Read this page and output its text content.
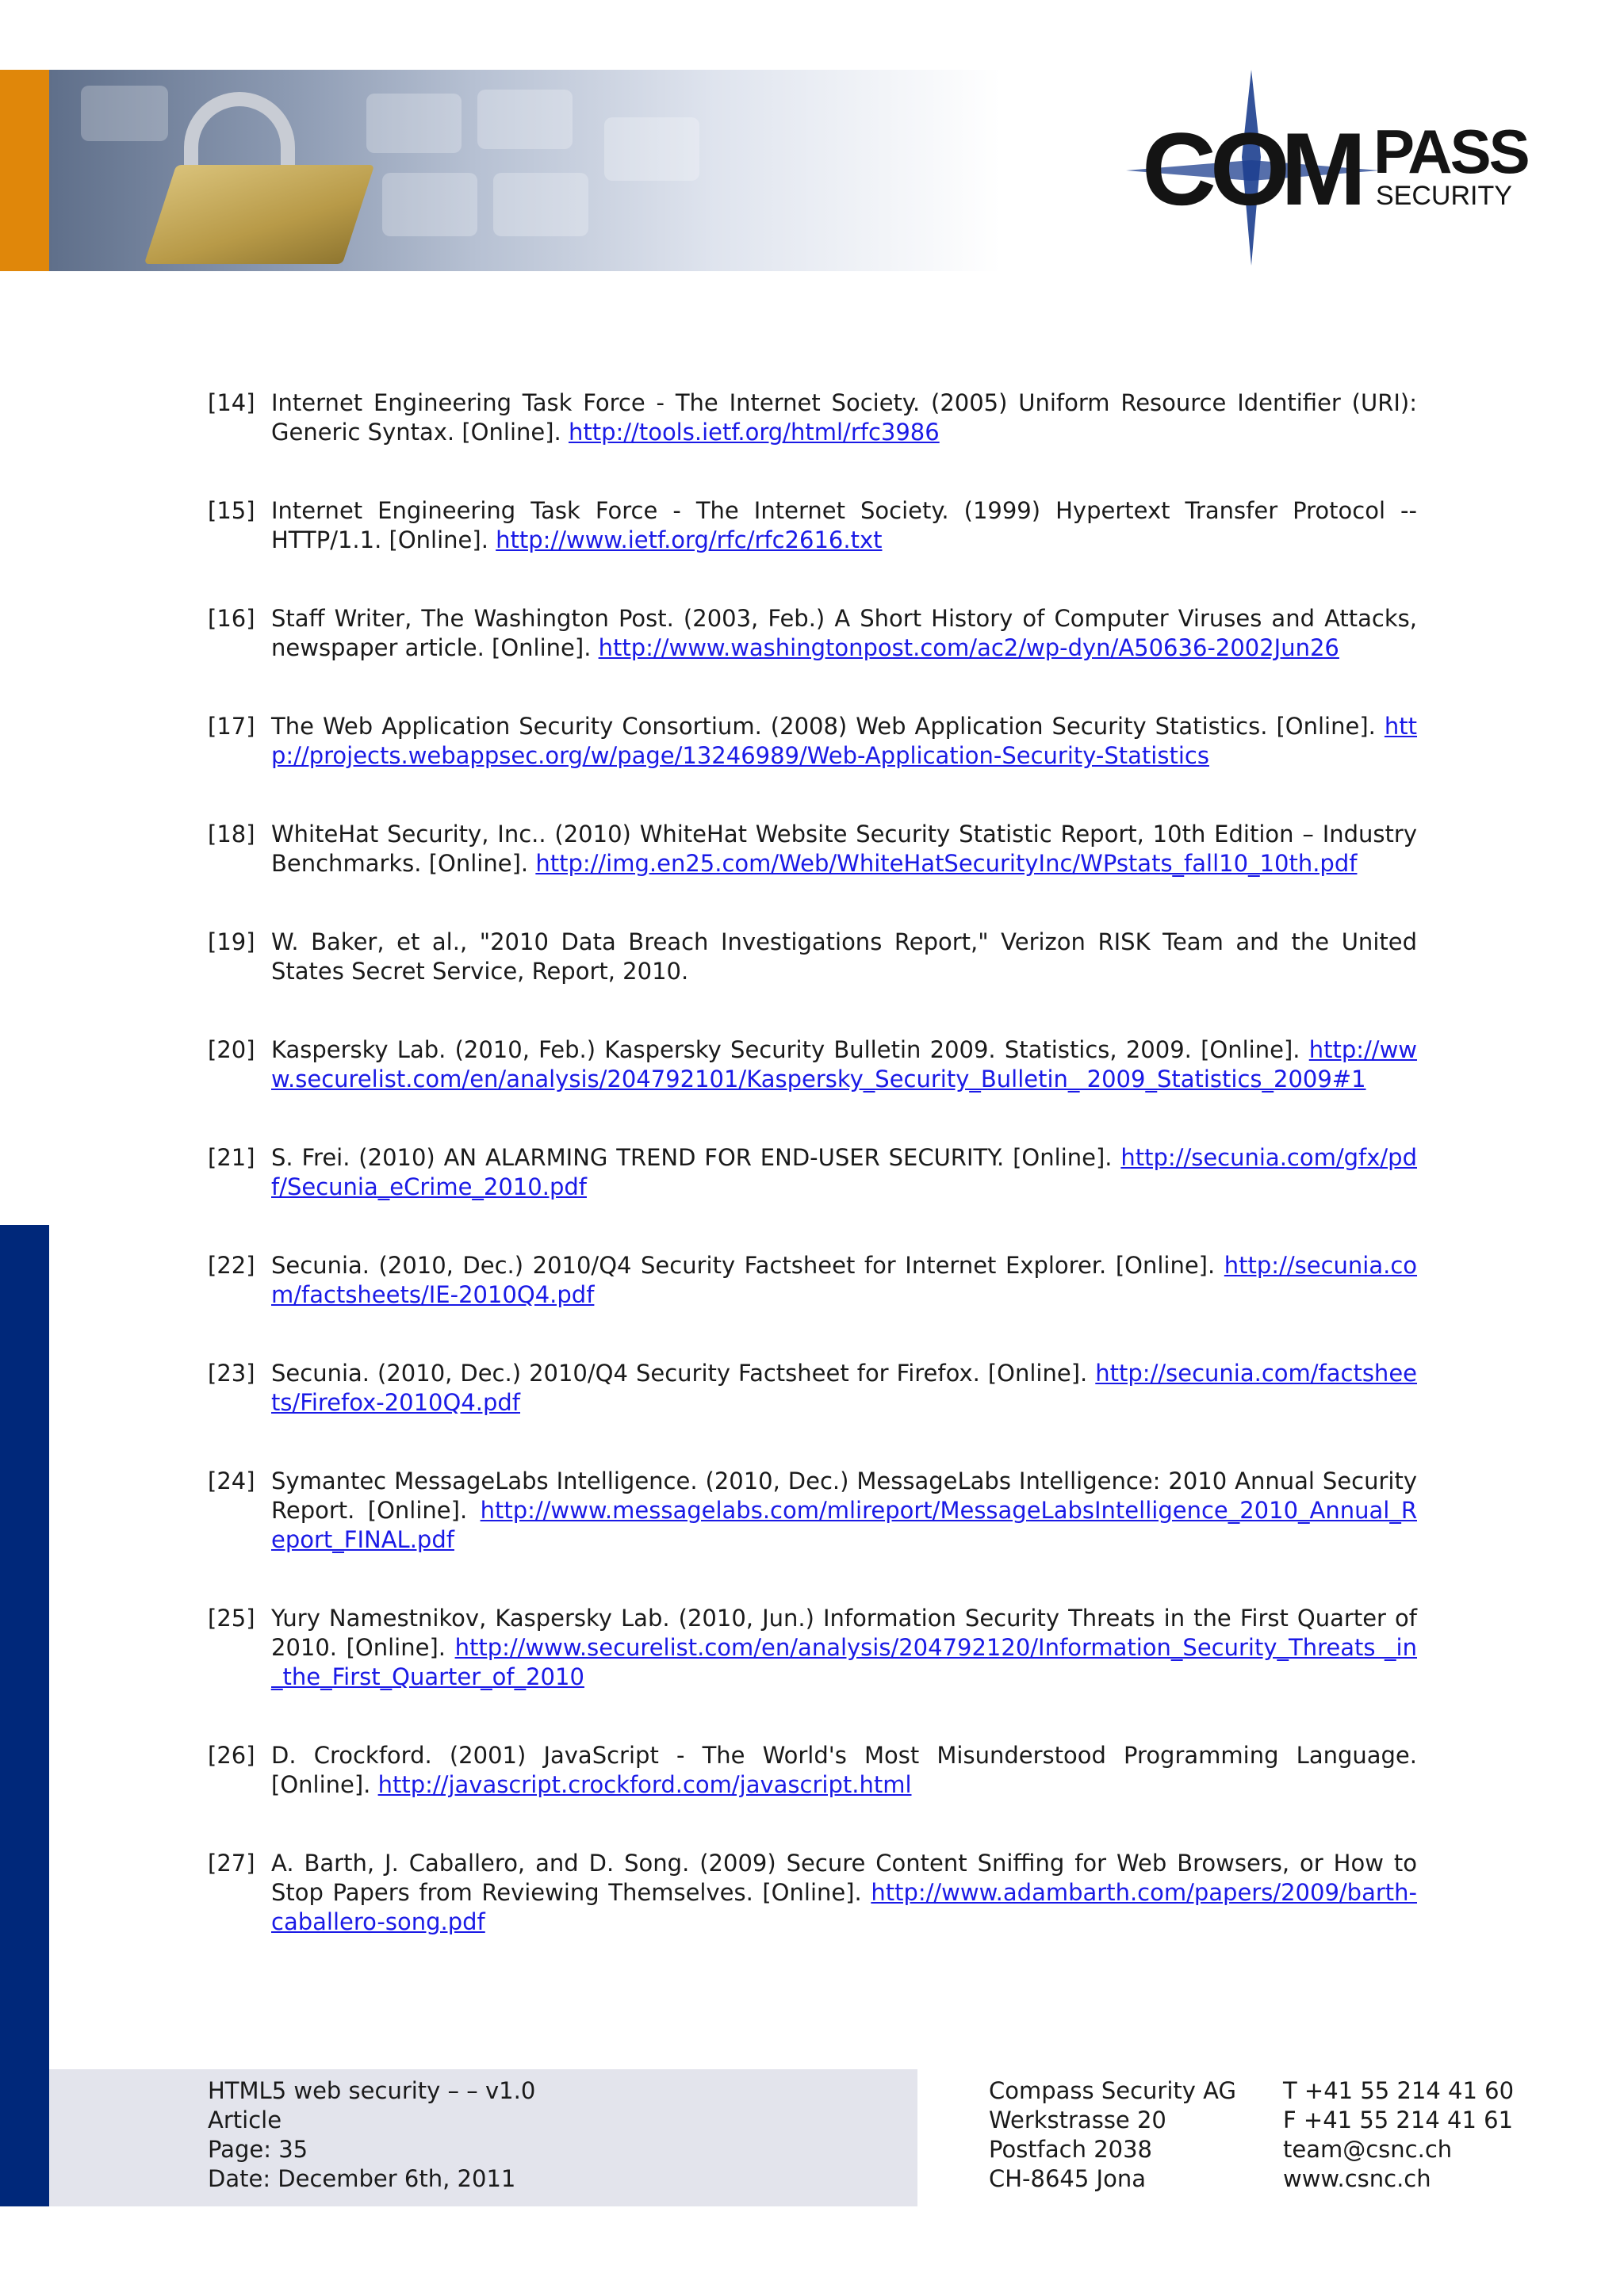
CO
M PASS
SECURITY
[14] Internet Engineering Task Force - The Internet Society. (2005) Uniform Resource Identifier (URI): Generic Syntax. [Online]. http://tools.ietf.org/html/rfc3986
[15] Internet Engineering Task Force - The Internet Society. (1999) Hypertext Transfer Protocol -- HTTP/1.1. [Online]. http://www.ietf.org/rfc/rfc2616.txt
[16] Staff Writer, The Washington Post. (2003, Feb.) A Short History of Computer Viruses and Attacks, newspaper article. [Online]. http://www.washingtonpost.com/ac2/wp-dyn/A50636-2002Jun26
[17] The Web Application Security Consortium. (2008) Web Application Security Statistics. [Online]. http://projects.webappsec.org/w/page/13246989/Web-Application-Security-Statistics
[18] WhiteHat Security, Inc.. (2010) WhiteHat Website Security Statistic Report, 10th Edition – Industry Benchmarks. [Online]. http://img.en25.com/Web/WhiteHatSecurityInc/WPstats_fall10_10th.pdf
[19] W. Baker, et al., "2010 Data Breach Investigations Report," Verizon RISK Team and the United States Secret Service, Report, 2010.
[20] Kaspersky Lab. (2010, Feb.) Kaspersky Security Bulletin 2009. Statistics, 2009. [Online]. http://www.securelist.com/en/analysis/204792101/Kaspersky_Security_Bulletin_ 2009_Statistics_2009#1
[21] S. Frei. (2010) AN ALARMING TREND FOR END-USER SECURITY. [Online]. http://secunia.com/gfx/pdf/Secunia_eCrime_2010.pdf
[22] Secunia. (2010, Dec.) 2010/Q4 Security Factsheet for Internet Explorer. [Online]. http://secunia.com/factsheets/IE-2010Q4.pdf
[23] Secunia. (2010, Dec.) 2010/Q4 Security Factsheet for Firefox. [Online]. http://secunia.com/factsheets/Firefox-2010Q4.pdf
[24] Symantec MessageLabs Intelligence. (2010, Dec.) MessageLabs Intelligence: 2010 Annual Security Report. [Online]. http://www.messagelabs.com/mlireport/MessageLabsIntelligence_2010_Annual_Report_FINAL.pdf
[25] Yury Namestnikov, Kaspersky Lab. (2010, Jun.) Information Security Threats in the First Quarter of 2010. [Online]. http://www.securelist.com/en/analysis/204792120/Information_Security_Threats _in_the_First_Quarter_of_2010
[26] D. Crockford. (2001) JavaScript - The World's Most Misunderstood Programming Language. [Online]. http://javascript.crockford.com/javascript.html
[27] A. Barth, J. Caballero, and D. Song. (2009) Secure Content Sniffing for Web Browsers, or How to Stop Papers from Reviewing Themselves. [Online]. http://www.adambarth.com/papers/2009/barth-caballero-song.pdf
HTML5 web security – – v1.0
Article
Page: 35
Date: December 6th, 2011
Compass Security AG
Werkstrasse 20
Postfach 2038
CH-8645 Jona
T +41 55 214 41 60
F +41 55 214 41 61
team@csnc.ch
www.csnc.ch
